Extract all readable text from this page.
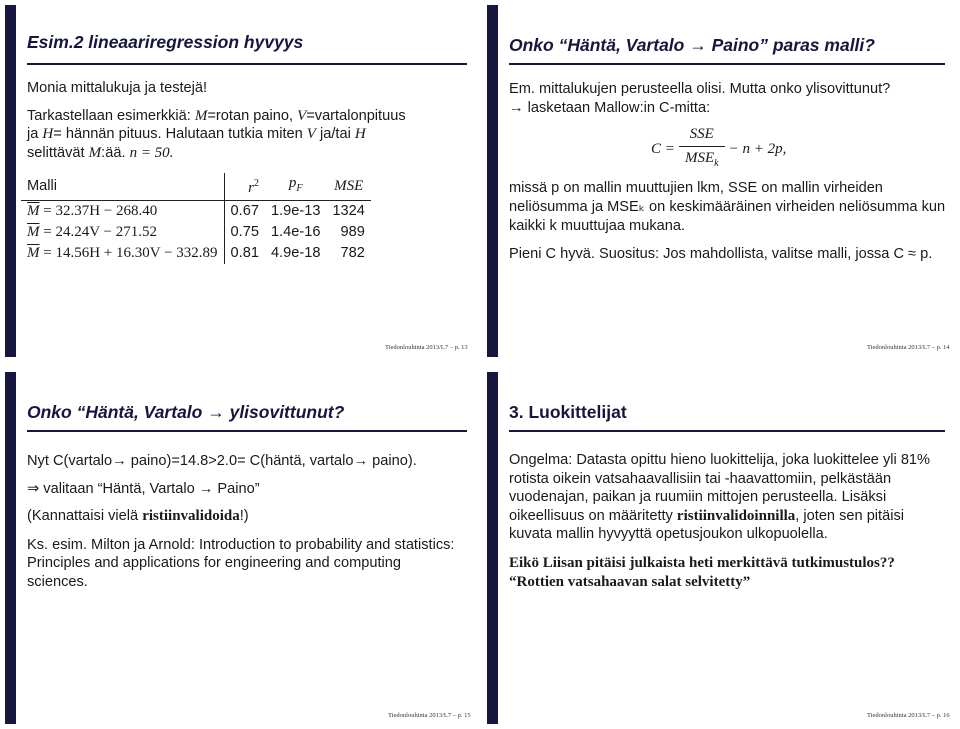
Esim.2 lineaariregression hyvyys

Monia mittalukuja ja testejä!

Tarkastellaan esimerkkiä: M=rotan paino, V=vartalonpituus
ja H= hännän pituus. Halutaan tutkia miten V ja/tai H
selittävät M:ää. n = 50.

Malli	$r^2$	$p_F$	MSE
$\overline{M} = 32.37H - 268.40$	0.67	1.9e-13	1324
$\overline{M} = 24.24V - 271.52$	0.75	1.4e-16	989
$\overline{M} = 14.56H + 16.30V - 332.89$	0.81	4.9e-18	782
Tiedonlouhinta 2013/L7 – p. 13
Onko “Häntä, Vartalo → Paino” paras malli?

Em. mittalukujen perusteella olisi. Mutta onko ylisovittunut?

→ lasketaan Mallow:in C-mitta:

$C = \frac{\text{SSE}}{MSE_k} - n + 2p$,

missä p on mallin muuttujien lkm, SSE on mallin virheiden neliösumma ja MSEₖ on keskimääräinen virheiden neliösumma kun kaikki k muuttujaa mukana.

Pieni C hyvä. Suositus: Jos mahdollista, valitse malli, jossa C ≈ p.

Tiedonlouhinta 2013/L7 – p. 14
Onko “Häntä, Vartalo → ylisovittunut?

Nyt C(vartalo→ paino)=14.8>2.0= C(häntä, vartalo→ paino).

⇒ valitaan “Häntä, Vartalo → Paino”

(Kannattaisi vielä ristiinvalidoida!)

Ks. esim. Milton ja Arnold: Introduction to probability and statistics: Principles and applications for engineering and computing sciences.

Tiedonlouhinta 2013/L7 – p. 15
3. Luokittelijat

Ongelma: Datasta opittu hieno luokittelija, joka luokittelee yli 81% rotista oikein vatsahaavallisiin tai -haavattomiin, pelkästään vuodenajan, paikan ja ruumiin mittojen perusteella. Lisäksi oikeellisuus on määritetty ristiinvalidoinnilla, joten sen pitäisi kuvata mallin hyvyyttä opetusjoukon ulkopuolella.

Eikö Liisan pitäisi julkaista heti merkittävä tutkimustulos??

“Rottien vatsahaavan salat selvitetty”

Tiedonlouhinta 2013/L7 – p. 16
